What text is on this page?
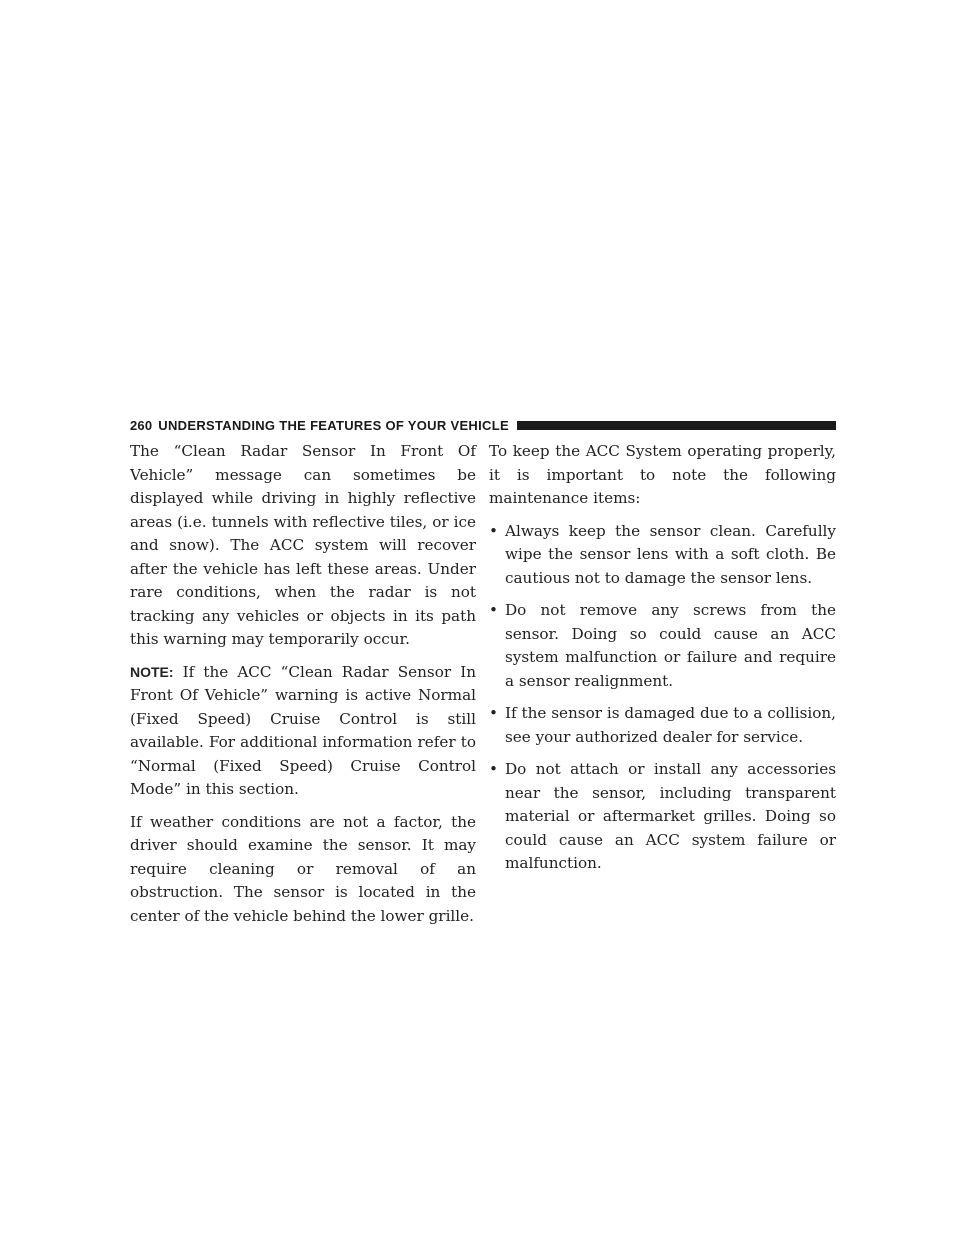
260 UNDERSTANDING THE FEATURES OF YOUR VEHICLE

The “Clean Radar Sensor In Front Of Vehicle” message can sometimes be displayed while driving in highly reflective areas (i.e. tunnels with reflective tiles, or ice and snow). The ACC system will recover after the vehicle has left these areas. Under rare conditions, when the radar is not tracking any vehicles or objects in its path this warning may temporarily occur.

NOTE: If the ACC “Clean Radar Sensor In Front Of Vehicle” warning is active Normal (Fixed Speed) Cruise Control is still available. For additional information refer to “Normal (Fixed Speed) Cruise Control Mode” in this section.

If weather conditions are not a factor, the driver should examine the sensor. It may require cleaning or removal of an obstruction. The sensor is located in the center of the vehicle behind the lower grille.

To keep the ACC System operating properly, it is important to note the following maintenance items:

• Always keep the sensor clean. Carefully wipe the sensor lens with a soft cloth. Be cautious not to damage the sensor lens.
• Do not remove any screws from the sensor. Doing so could cause an ACC system malfunction or failure and require a sensor realignment.
• If the sensor is damaged due to a collision, see your authorized dealer for service.
• Do not attach or install any accessories near the sensor, including transparent material or aftermarket grilles. Doing so could cause an ACC system failure or malfunction.
